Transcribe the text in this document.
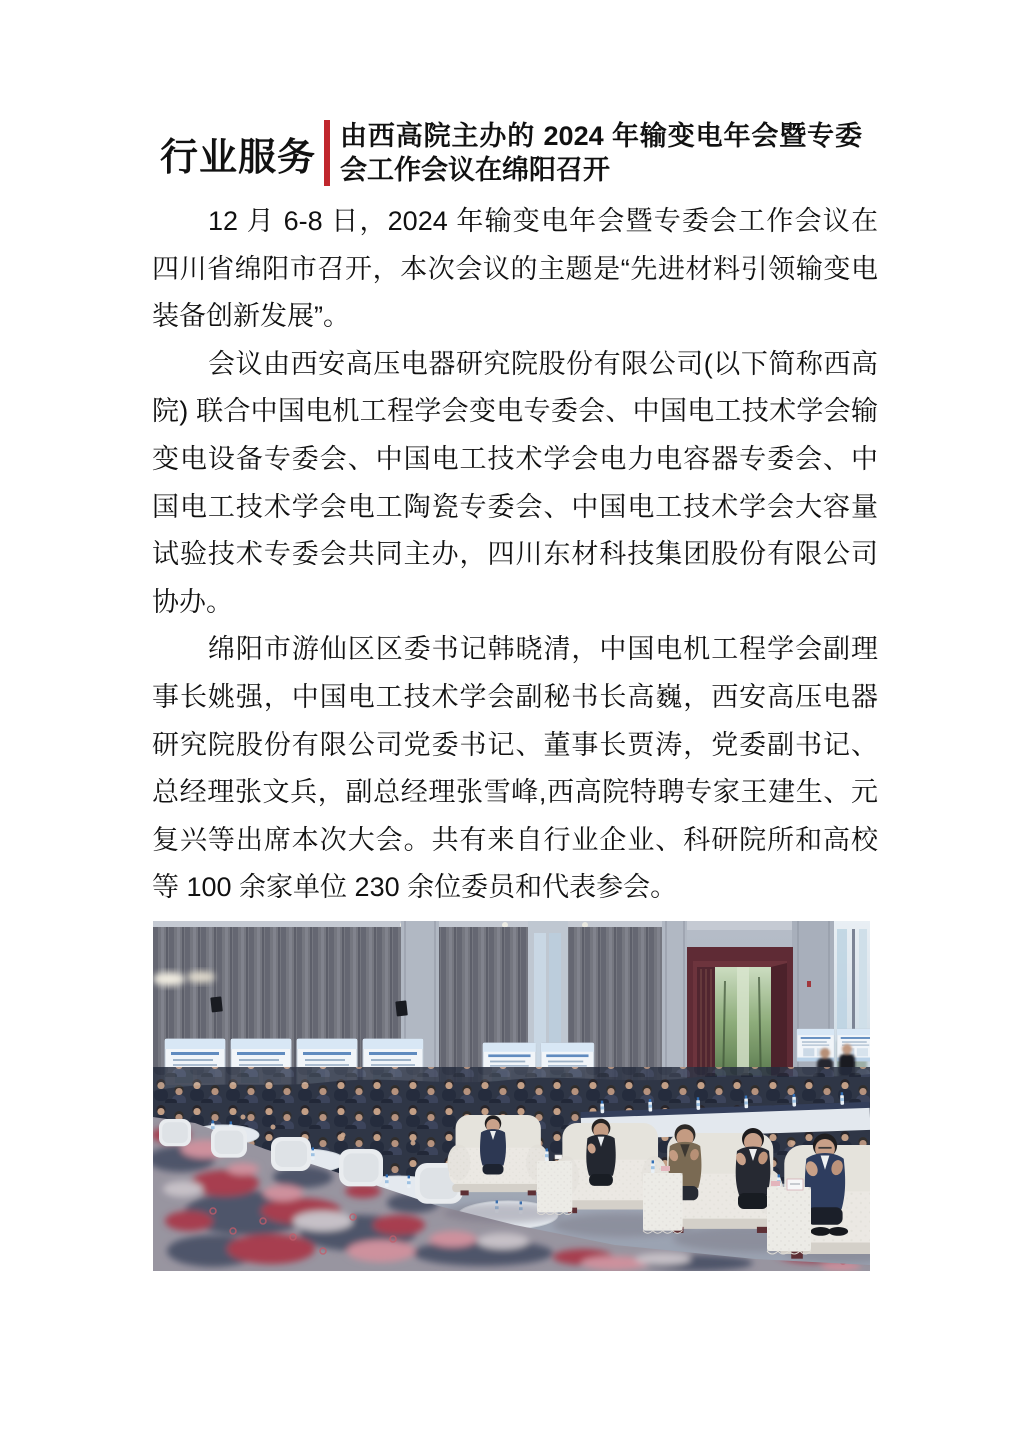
行业服务
由西高院主办的 2024 年输变电年会暨专委会工作会议在绵阳召开

12 月 6-8 日，2024 年输变电年会暨专委会工作会议在四川省绵阳市召开，本次会议的主题是“先进材料引领输变电装备创新发展”。

会议由西安高压电器研究院股份有限公司(以下简称西高院) 联合中国电机工程学会变电专委会、中国电工技术学会输变电设备专委会、中国电工技术学会电力电容器专委会、中国电工技术学会电工陶瓷专委会、中国电工技术学会大容量试验技术专委会共同主办，四川东材科技集团股份有限公司协办。

绵阳市游仙区区委书记韩晓清，中国电机工程学会副理事长姚强，中国电工技术学会副秘书长高巍，西安高压电器研究院股份有限公司党委书记、董事长贾涛，党委副书记、总经理张文兵，副总经理张雪峰,西高院特聘专家王建生、元复兴等出席本次大会。共有来自行业企业、科研院所和高校等 100 余家单位 230 余位委员和代表参会。
